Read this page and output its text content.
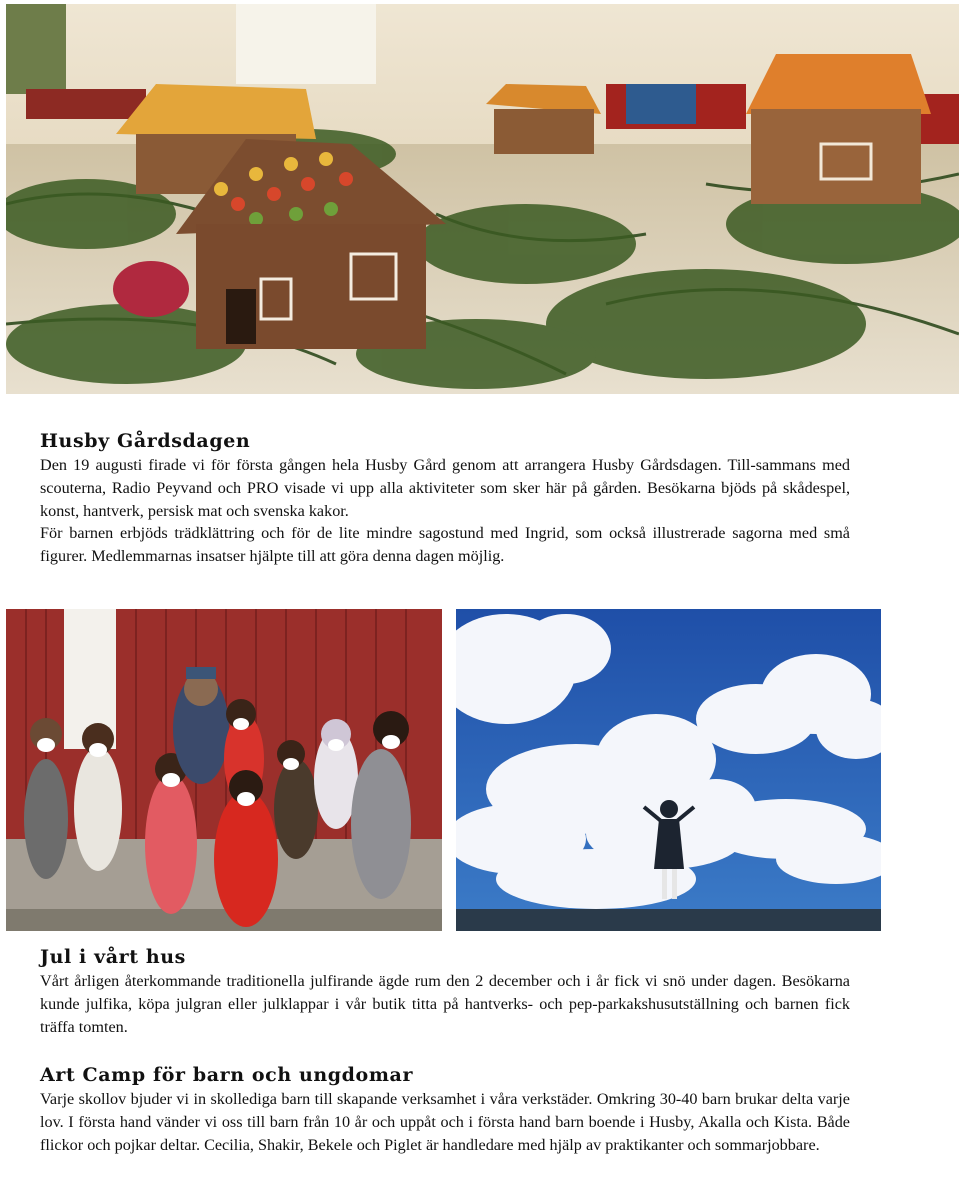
Husby Gårdsdagen

Den 19 augusti firade vi för första gången hela Husby Gård genom att arrangera Husby Gårdsdagen. Till-sammans med scouterna, Radio Peyvand och PRO visade vi upp alla aktiviteter som sker här på gården. Besökarna bjöds på skådespel, konst, hantverk, persisk mat och svenska kakor.

För barnen erbjöds trädklättring och för de lite mindre sagostund med Ingrid, som också illustrerade sagorna med små figurer. Medlemmarnas insatser hjälpte till att göra denna dagen möjlig.

Jul i vårt hus

Vårt årligen återkommande traditionella julfirande ägde rum den 2 december och i år fick vi snö under dagen. Besökarna kunde julfika, köpa julgran eller julklappar i vår butik titta på hantverks- och pep-parkakshusutställning och barnen fick träffa tomten.

Art Camp för barn och ungdomar

Varje skollov bjuder vi in skollediga barn till skapande verksamhet i våra verkstäder. Omkring 30-40 barn brukar delta varje lov. I första hand vänder vi oss till barn från 10 år och uppåt och i första hand barn boende i Husby, Akalla och Kista. Både flickor och pojkar deltar. Cecilia, Shakir, Bekele och Piglet är handledare med hjälp av praktikanter och sommarjobbare.
